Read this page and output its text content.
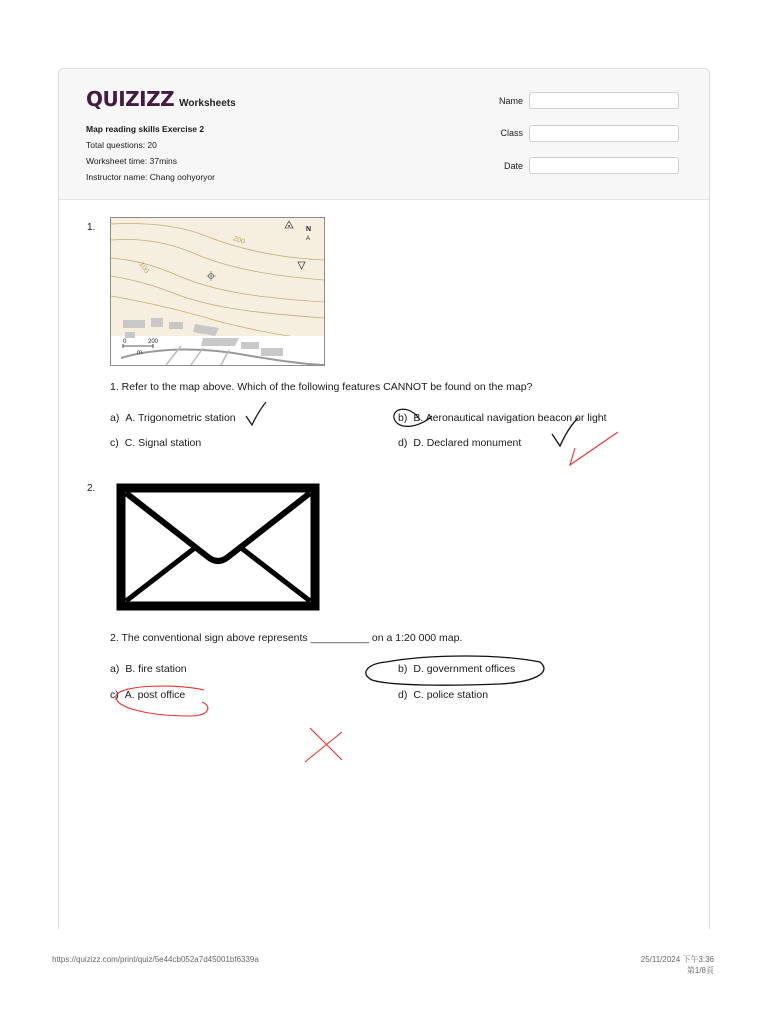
QUIZIZZ Worksheets
Map reading skills Exercise 2
Total questions: 20
Worksheet time: 37mins
Instructor name: Chang oohyoryor
Name
Class
Date
1.
200
100
N
A
0	200
m
1. Refer to the map above. Which of the following features CANNOT be found on the map?
a) A. Trigonometric station	b) B. Aeronautical navigation beacon or light
c) C. Signal station	d) D. Declared monument
2.
2. The conventional sign above represents __________ on a 1:20 000 map.
a) B. fire station	b) D. government offices
c) A. post office	d) C. police station
https://quizizz.com/print/quiz/5e44cb052a7d45001bf6339a	25/11/2024 下午3:36
第1/8頁
